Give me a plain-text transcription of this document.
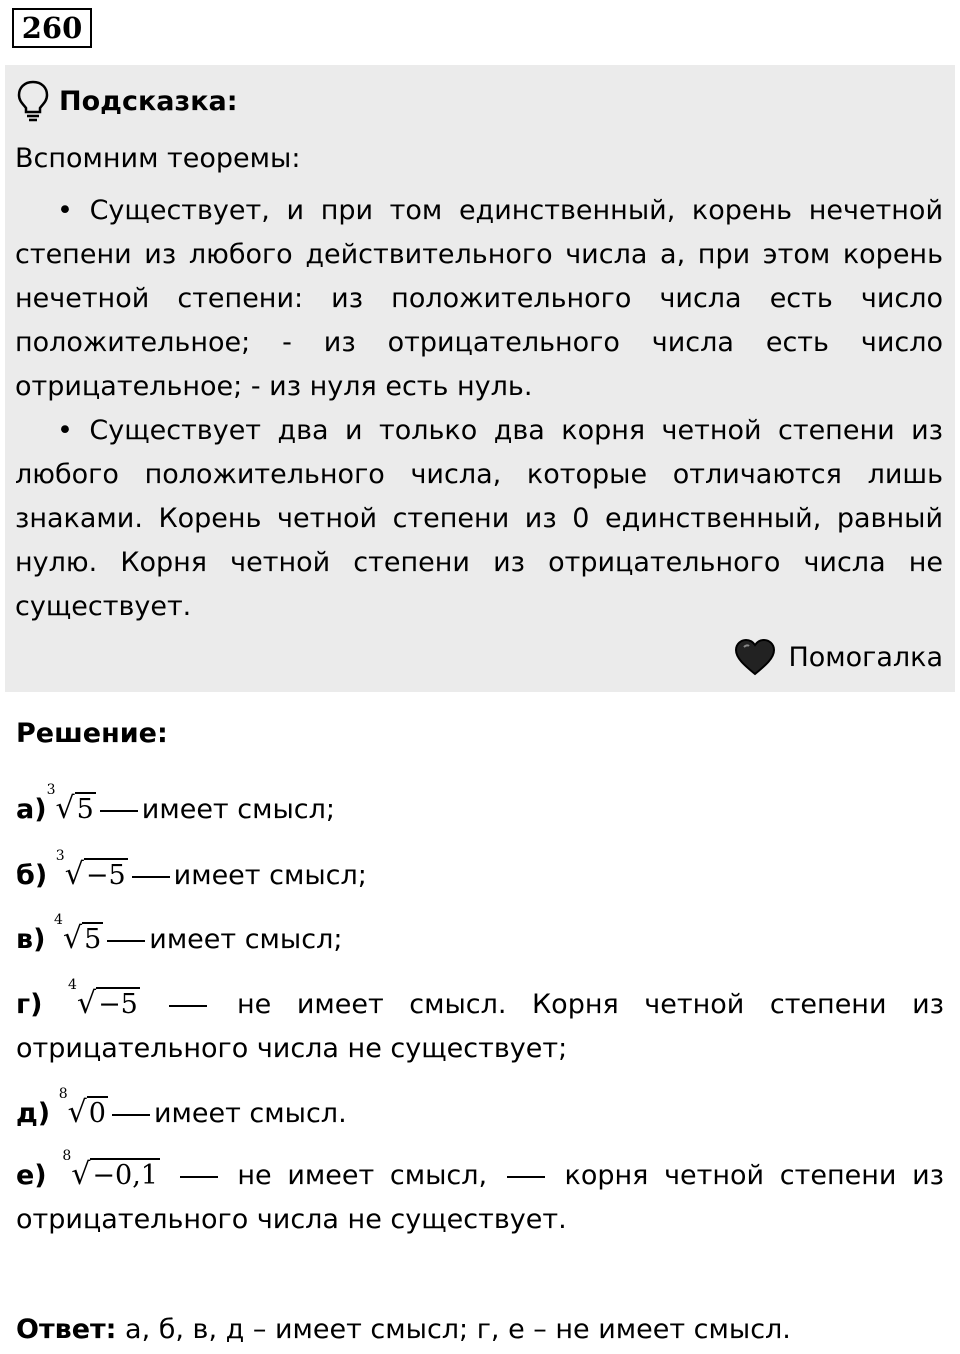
260
Подсказка:
Вспомним теоремы:

• Существует, и при том единственный, корень нечетной степени из любого действительного числа a, при этом корень нечетной степени: из положительного числа есть число положительное; - из отрицательного числа есть число отрицательное; - из нуля есть нуль.

• Существует два и только два корня четной степени из любого положительного числа, которые отличаются лишь знаками. Корень четной степени из 0 единственный, равный нулю. Корня четной степени из отрицательного числа не существует.

Помогалка
Решение:
а)$^3$√5 имеет смысл;
б) $^3$√−5 имеет смысл;
в) $^4$√5 имеет смысл;
г) $^4$√−5	не имеет смысл. Корня четной степени из отрицательного числа не существует;
д) $^8$√0 имеет смысл.
е) $^8$√−0,1	не имеет смысл,	корня четной степени из отрицательного числа не существует.
Ответ: а, б, в, д – имеет смысл; г, е – не имеет смысл.
